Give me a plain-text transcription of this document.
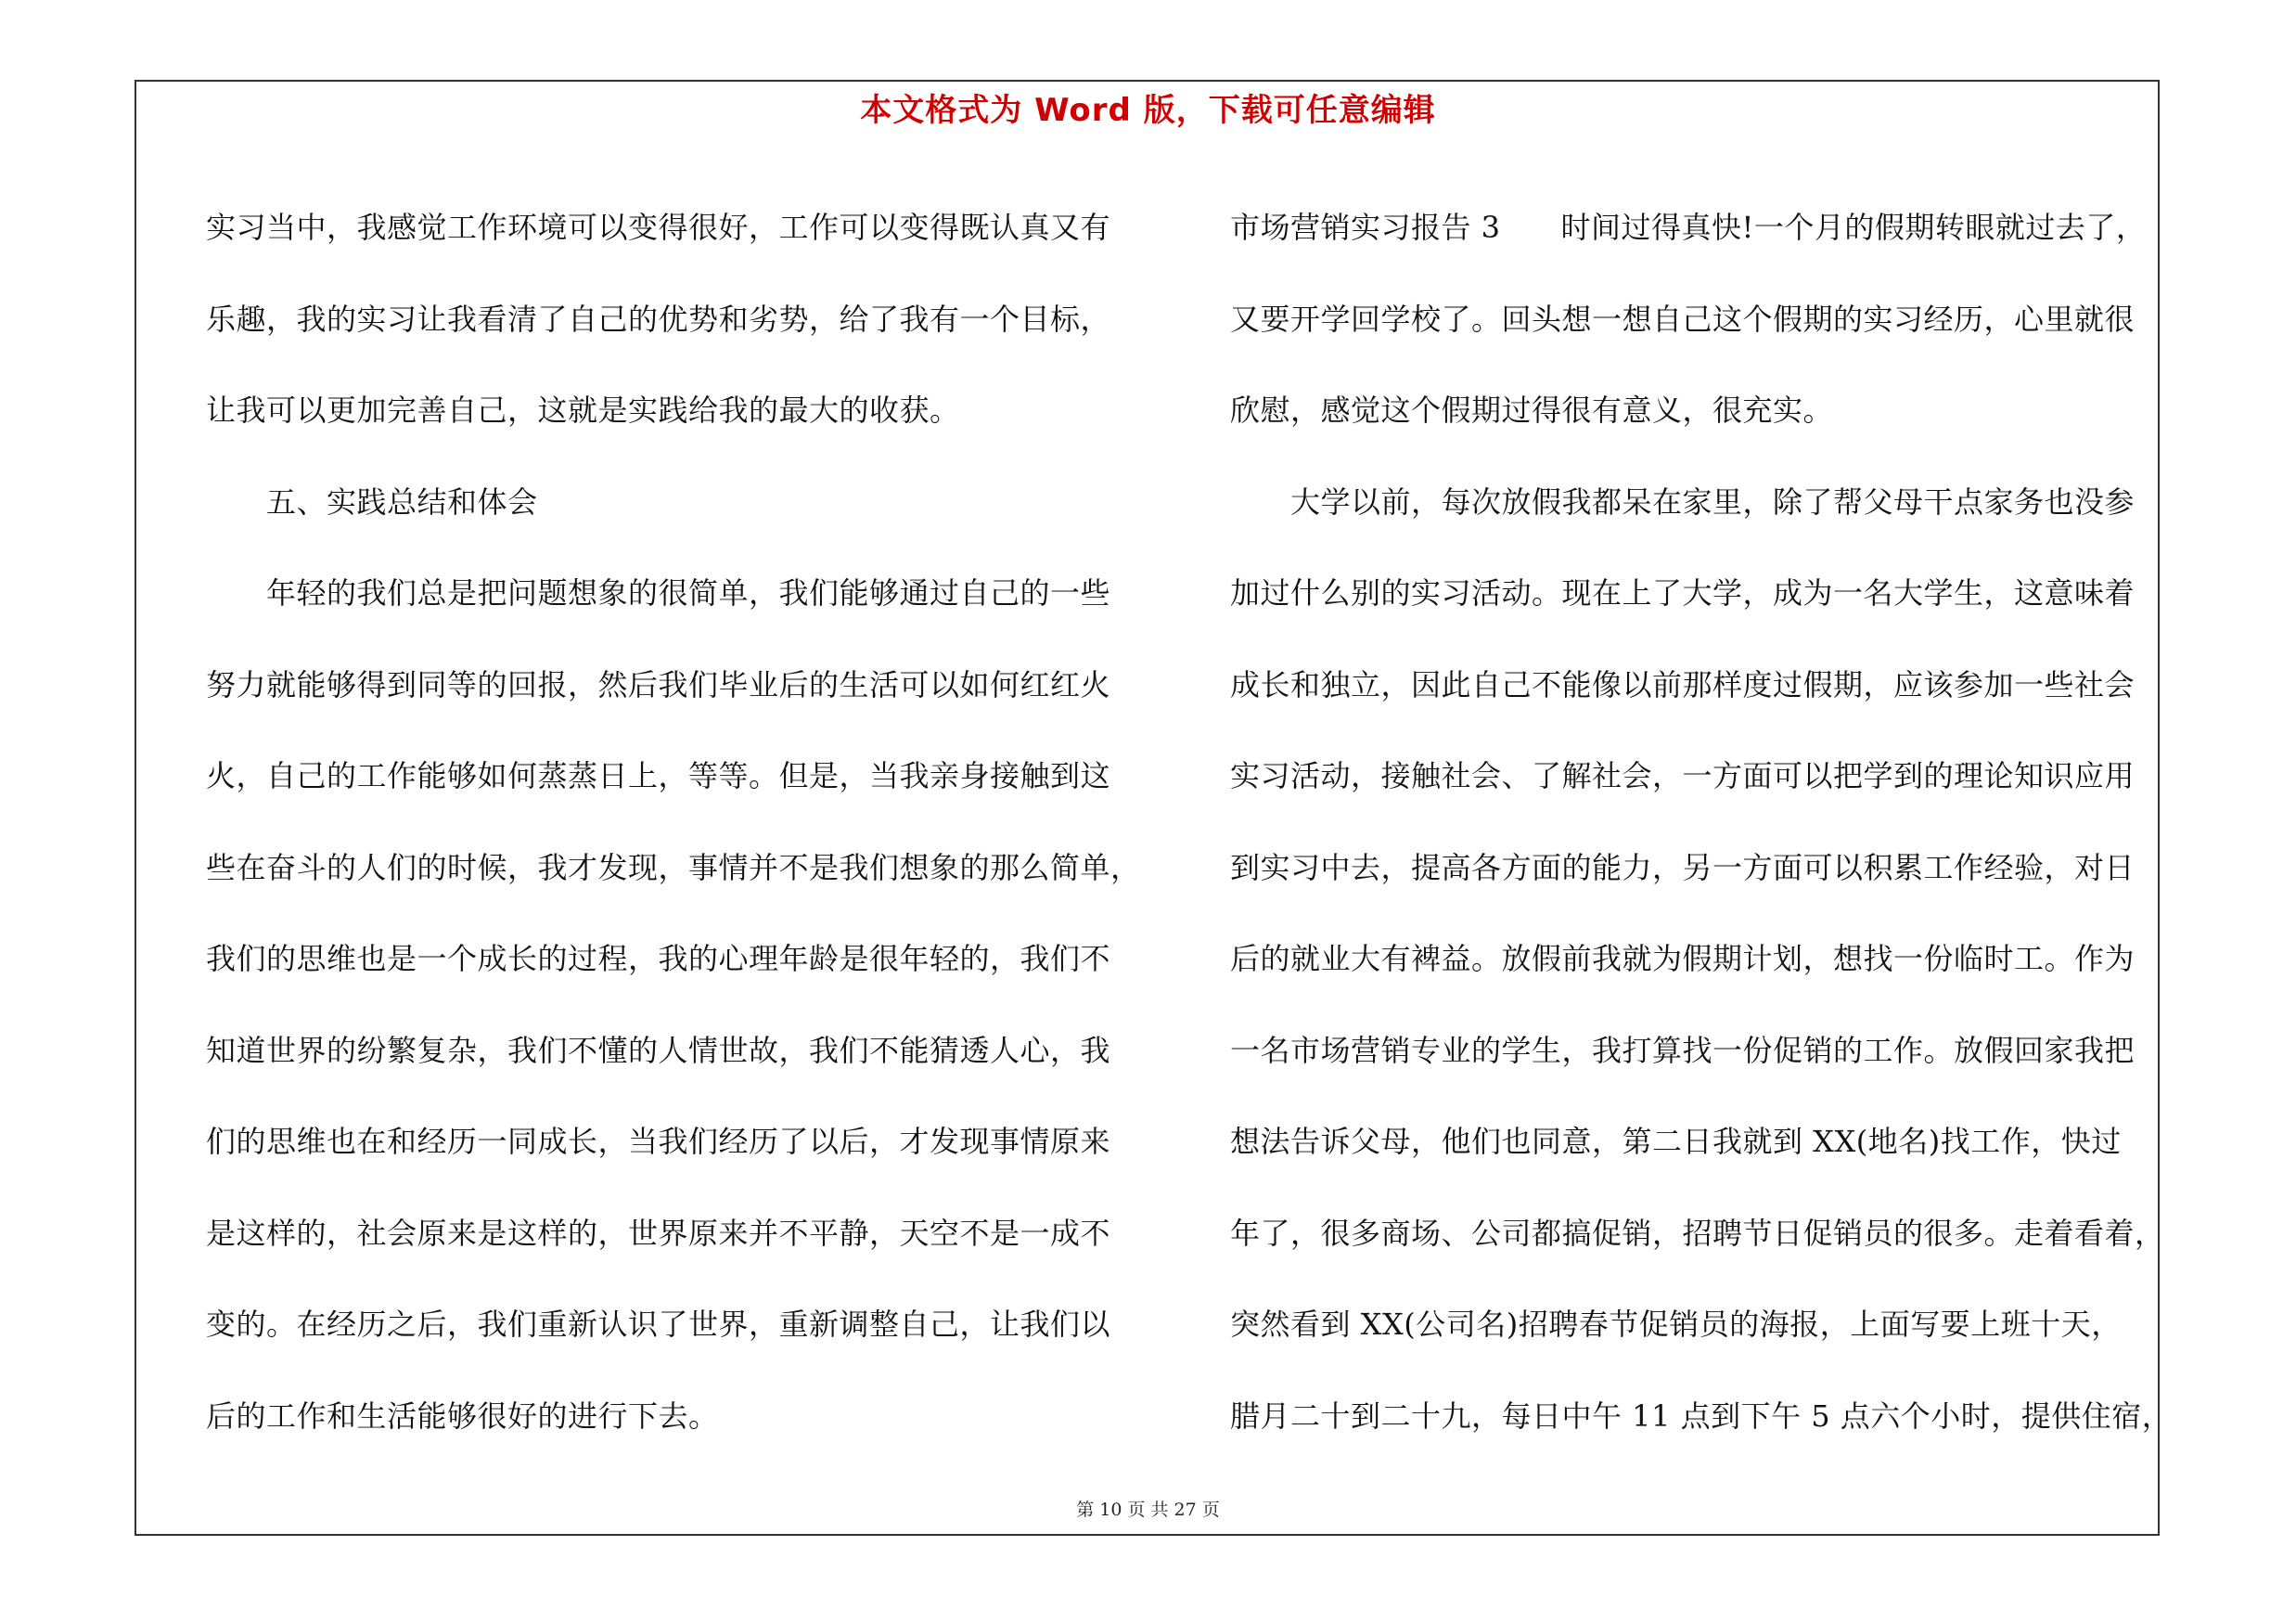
本文格式为 Word 版，下载可任意编辑
实习当中，我感觉工作环境可以变得很好，工作可以变得既认真又有
乐趣，我的实习让我看清了自己的优势和劣势，给了我有一个目标，
让我可以更加完善自己，这就是实践给我的最大的收获。
　　五、实践总结和体会
　　年轻的我们总是把问题想象的很简单，我们能够通过自己的一些
努力就能够得到同等的回报，然后我们毕业后的生活可以如何红红火
火，自己的工作能够如何蒸蒸日上，等等。但是，当我亲身接触到这
些在奋斗的人们的时候，我才发现，事情并不是我们想象的那么简单，
我们的思维也是一个成长的过程，我的心理年龄是很年轻的，我们不
知道世界的纷繁复杂，我们不懂的人情世故，我们不能猜透人心，我
们的思维也在和经历一同成长，当我们经历了以后，才发现事情原来
是这样的，社会原来是这样的，世界原来并不平静，天空不是一成不
变的。在经历之后，我们重新认识了世界，重新调整自己，让我们以
后的工作和生活能够很好的进行下去。
市场营销实习报告 3　　时间过得真快!一个月的假期转眼就过去了，
又要开学回学校了。回头想一想自己这个假期的实习经历，心里就很
欣慰，感觉这个假期过得很有意义，很充实。
　　大学以前，每次放假我都呆在家里，除了帮父母干点家务也没参
加过什么别的实习活动。现在上了大学，成为一名大学生，这意味着
成长和独立，因此自己不能像以前那样度过假期，应该参加一些社会
实习活动，接触社会、了解社会，一方面可以把学到的理论知识应用
到实习中去，提高各方面的能力，另一方面可以积累工作经验，对日
后的就业大有裨益。放假前我就为假期计划，想找一份临时工。作为
一名市场营销专业的学生，我打算找一份促销的工作。放假回家我把
想法告诉父母，他们也同意，第二日我就到 XX(地名)找工作，快过
年了，很多商场、公司都搞促销，招聘节日促销员的很多。走着看着，
突然看到 XX(公司名)招聘春节促销员的海报，上面写要上班十天，
腊月二十到二十九，每日中午 11 点到下午 5 点六个小时，提供住宿，
第 10 页 共 27 页
